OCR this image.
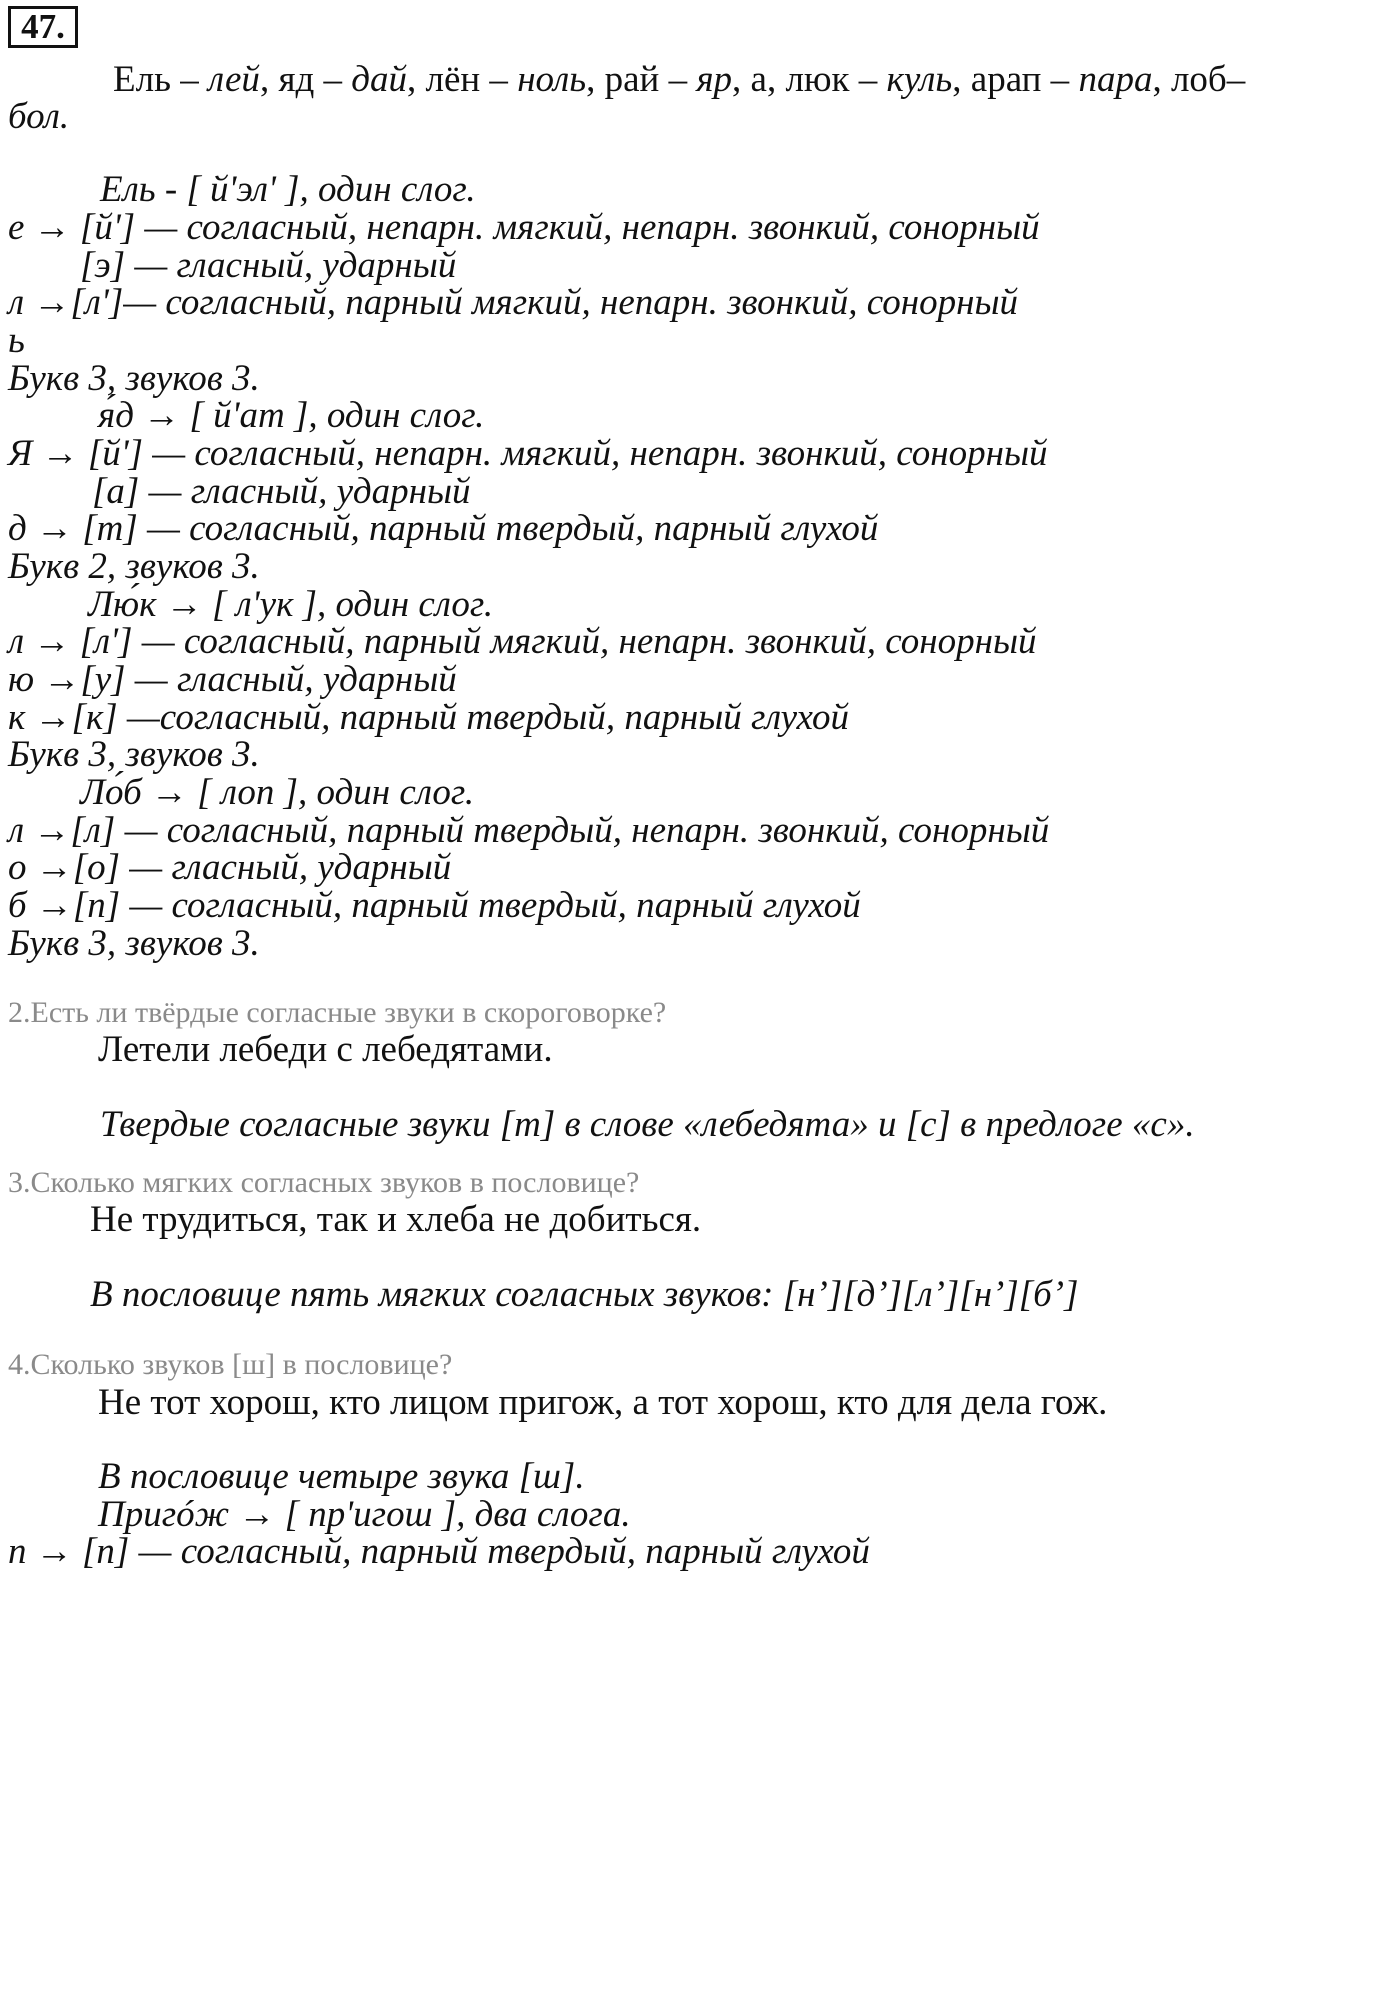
47.
Ель – лей, яд – дай, лён – ноль, рай – яр, а, люк – куль, арап – пара, лоб–
бол.
Ель - [ й'эл' ], один слог.
е → [й'] — согласный, непарн. мягкий, непарн. звонкий, сонорный
[э] — гласный, ударный
л →[л']— согласный, парный мягкий, непарн. звонкий, сонорный
ь
Букв 3, звуков 3.
я́д → [ й'ат ], один слог.
Я → [й'] — согласный, непарн. мягкий, непарн. звонкий, сонорный
[а] — гласный, ударный
д → [т] — согласный, парный твердый, парный глухой
Букв 2, звуков 3.
Лю́к → [ л'ук ], один слог.
л → [л'] — согласный, парный мягкий, непарн. звонкий, сонорный
ю →[у] — гласный, ударный
к →[к] —согласный, парный твердый, парный глухой
Букв 3, звуков 3.
Ло́б → [ лоп ], один слог.
л →[л] — согласный, парный твердый, непарн. звонкий, сонорный
о →[о] — гласный, ударный
б →[п] — согласный, парный твердый, парный глухой
Букв 3, звуков 3.
2.Есть ли твёрдые согласные звуки в скороговорке?
Летели лебеди с лебедятами.
Твердые согласные звуки [т] в слове «лебедята» и [с] в предлоге «с».
3.Сколько мягких согласных звуков в пословице?
Не трудиться, так и хлеба не добиться.
В пословице пять мягких согласных звуков: [н’][д’][л’][н’][б’]
4.Сколько звуков [ш] в пословице?
Не тот хорош, кто лицом пригож, а тот хорош, кто для дела гож.
В пословице четыре звука [ш].
Пригóж → [ пр'игош ], два слога.
п → [п] — согласный, парный твердый, парный глухой
